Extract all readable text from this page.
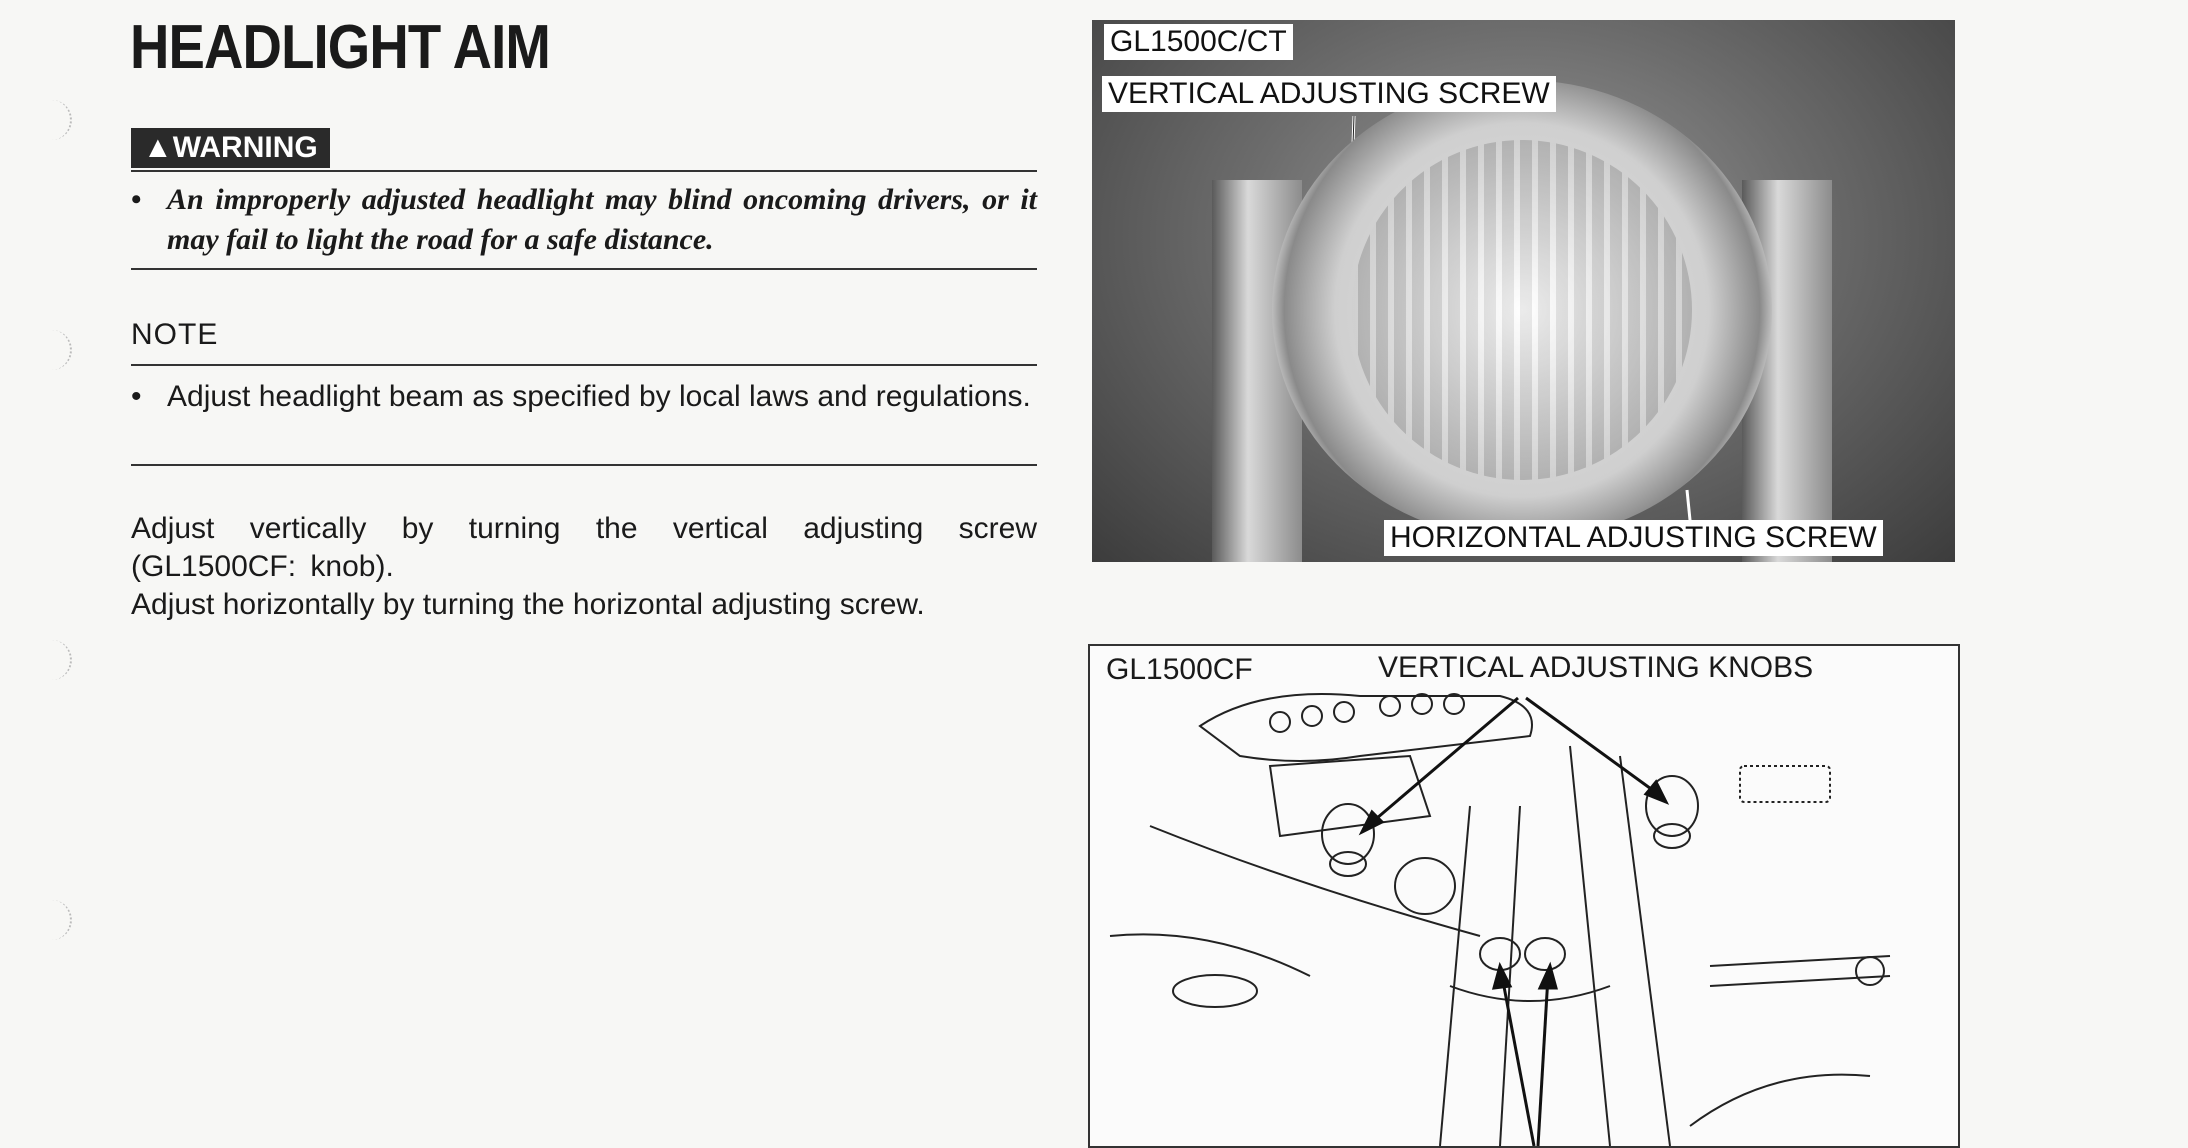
HEADLIGHT AIM
▲WARNING
• An improperly adjusted headlight may blind oncoming drivers, or it may fail to light the road for a safe distance.
NOTE
• Adjust headlight beam as specified by local laws and regulations.

Adjust vertically by turning the vertical adjusting screw (GL1500CF: knob).

Adjust horizontally by turning the horizontal adjusting screw.

GL1500C/CT
VERTICAL ADJUSTING SCREW
HORIZONTAL ADJUSTING SCREW
GL1500CF	VERTICAL ADJUSTING KNOBS
